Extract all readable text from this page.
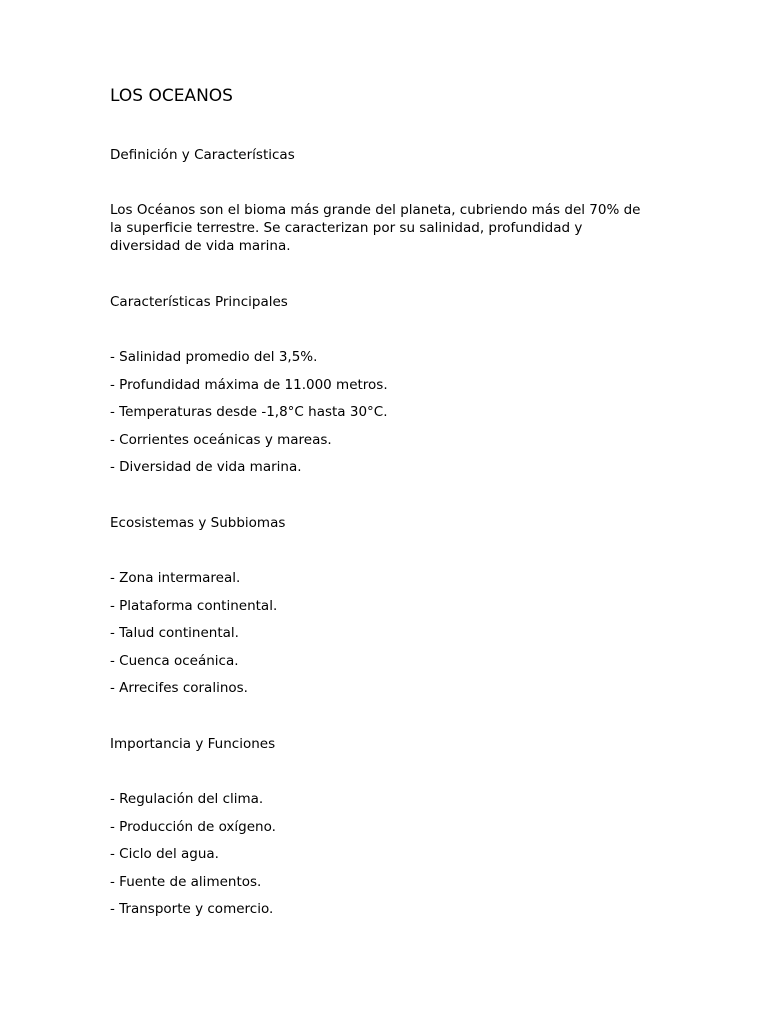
LOS OCEANOS
Definición y Características

Los Océanos son el bioma más grande del planeta, cubriendo más del 70% de la superficie terrestre. Se caracterizan por su salinidad, profundidad y diversidad de vida marina.

Características Principales
- Salinidad promedio del 3,5%.
- Profundidad máxima de 11.000 metros.
- Temperaturas desde -1,8°C hasta 30°C.
- Corrientes oceánicas y mareas.
- Diversidad de vida marina.
Ecosistemas y Subbiomas
- Zona intermareal.
- Plataforma continental.
- Talud continental.
- Cuenca oceánica.
- Arrecifes coralinos.
Importancia y Funciones
- Regulación del clima.
- Producción de oxígeno.
- Ciclo del agua.
- Fuente de alimentos.
- Transporte y comercio.
